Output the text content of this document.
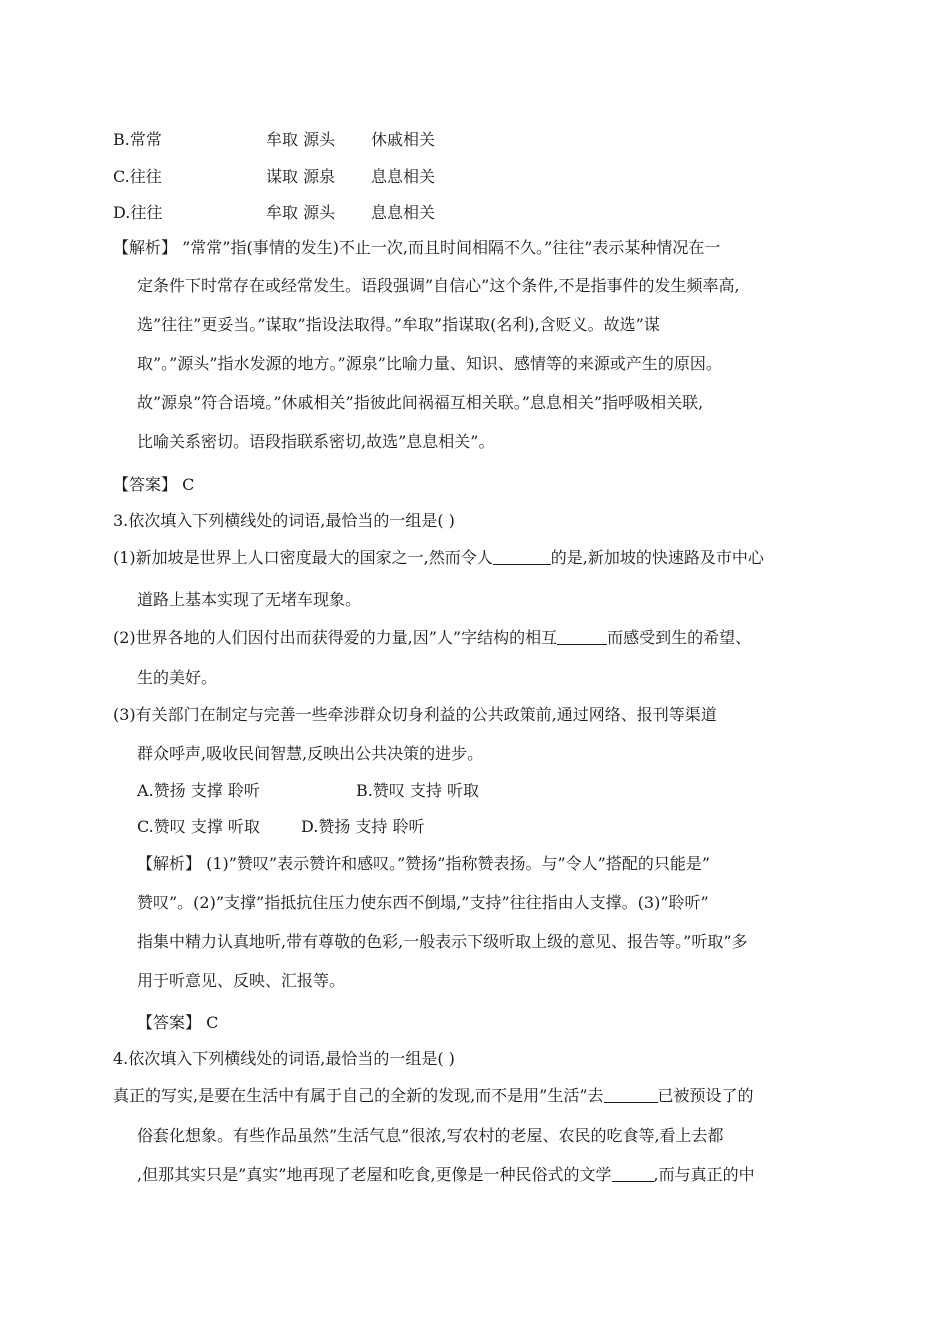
B.常常	牟取 源头 休戚相关
C.往往	谋取 源泉 息息相关
D.往往	牟取 源头 息息相关
【解析】 ”常常”指(事情的发生)不止一次,而且时间相隔不久。”往往”表示某种情况在一
定条件下时常存在或经常发生。语段强调”自信心”这个条件,不是指事件的发生频率高,
选”往往”更妥当。”谋取”指设法取得。”牟取”指谋取(名利),含贬义。故选”谋
取”。”源头”指水发源的地方。”源泉”比喻力量、知识、感情等的来源或产生的原因。
故”源泉”符合语境。”休戚相关”指彼此间祸福互相关联。”息息相关”指呼吸相关联,
比喻关系密切。语段指联系密切,故选”息息相关”。
【答案】 C
3.依次填入下列横线处的词语,最恰当的一组是( )
(1)新加坡是世界上人口密度最大的国家之一,然而令人	的是,新加坡的快速路及市中心
道路上基本实现了无堵车现象。
(2)世界各地的人们因付出而获得爱的力量,因”人”字结构的相互	而感受到生的希望、
生的美好。
(3)有关部门在制定与完善一些牵涉群众切身利益的公共政策前,通过网络、报刊等渠道
群众呼声,吸收民间智慧,反映出公共决策的进步。
A.赞扬 支撑 聆听	B.赞叹 支持 听取
C.赞叹 支撑 听取	D.赞扬 支持 聆听
【解析】 (1)”赞叹”表示赞许和感叹。”赞扬”指称赞表扬。与”令人”搭配的只能是”
赞叹”。(2)”支撑”指抵抗住压力使东西不倒塌,”支持”往往指由人支撑。(3)”聆听”
指集中精力认真地听,带有尊敬的色彩,一般表示下级听取上级的意见、报告等。”听取”多
用于听意见、反映、汇报等。
【答案】 C
4.依次填入下列横线处的词语,最恰当的一组是( )
真正的写实,是要在生活中有属于自己的全新的发现,而不是用”生活”去	已被预设了的
俗套化想象。有些作品虽然”生活气息”很浓,写农村的老屋、农民的吃食等,看上去都
,但那其实只是”真实”地再现了老屋和吃食,更像是一种民俗式的文学	,而与真正的中
